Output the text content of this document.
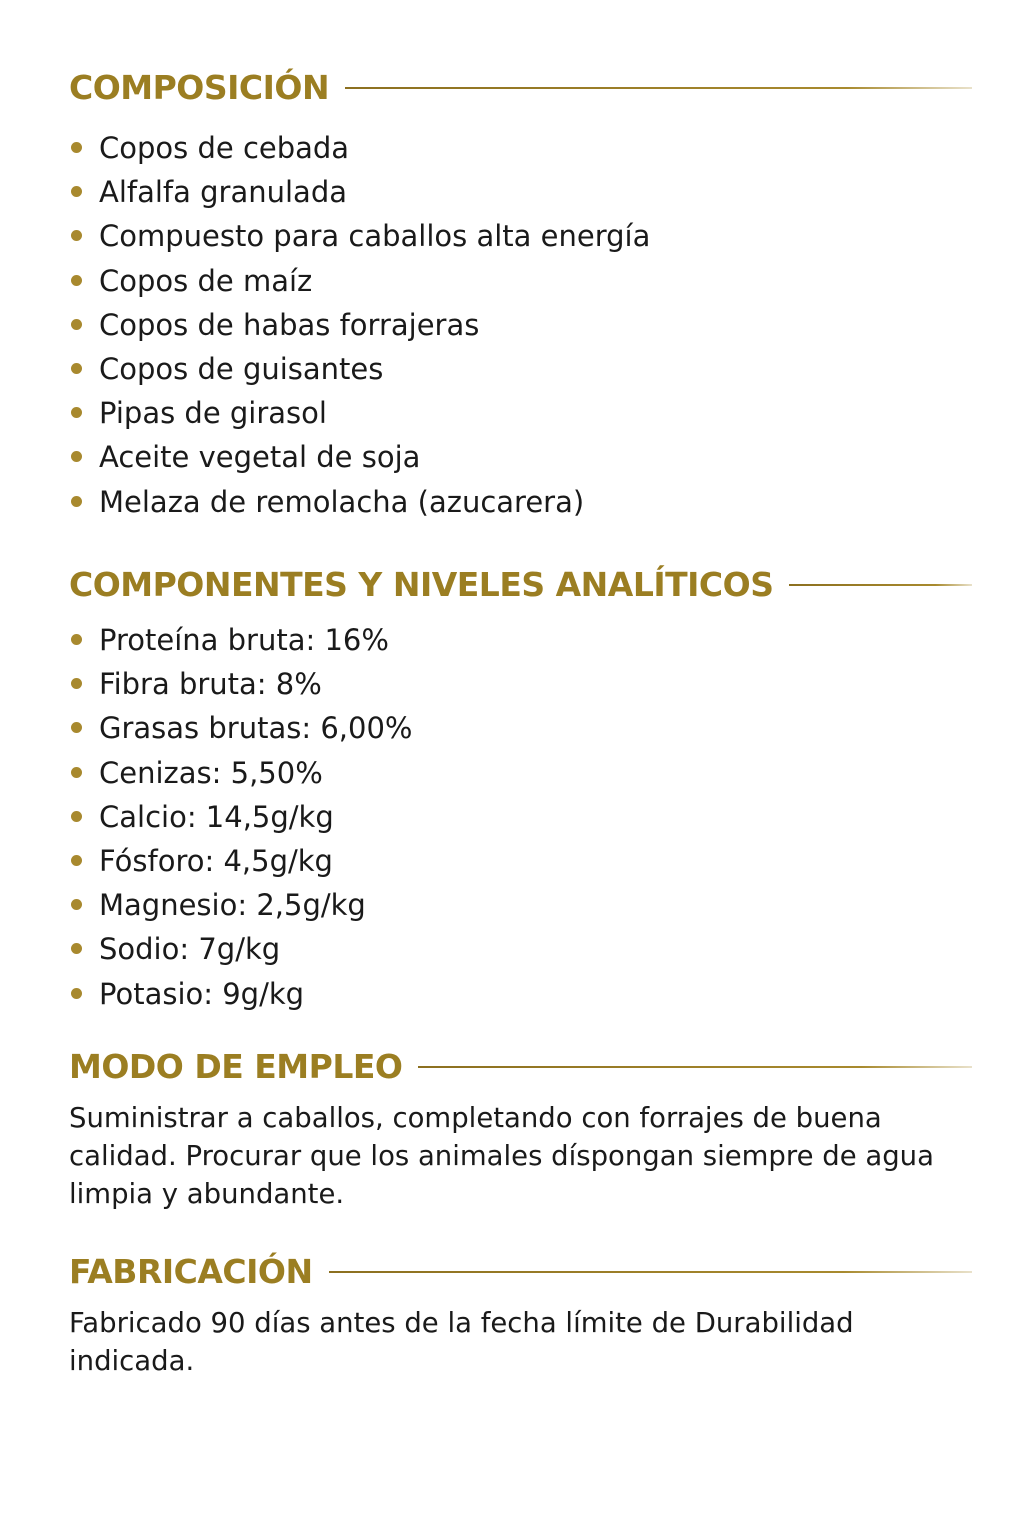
COMPOSICIÓN
Copos de cebada
Alfalfa granulada
Compuesto para caballos alta energía
Copos de maíz
Copos de habas forrajeras
Copos de guisantes
Pipas de girasol
Aceite vegetal de soja
Melaza de remolacha (azucarera)
COMPONENTES Y NIVELES ANALÍTICOS
Proteína bruta: 16%
Fibra bruta: 8%
Grasas brutas: 6,00%
Cenizas: 5,50%
Calcio: 14,5g/kg
Fósforo: 4,5g/kg
Magnesio: 2,5g/kg
Sodio: 7g/kg
Potasio: 9g/kg
MODO DE EMPLEO

Suministrar a caballos, completando con forrajes de buena calidad. Procurar que los animales díspongan siempre de agua limpia y abundante.

FABRICACIÓN

Fabricado 90 días antes de la fecha límite de Durabilidad indicada.
